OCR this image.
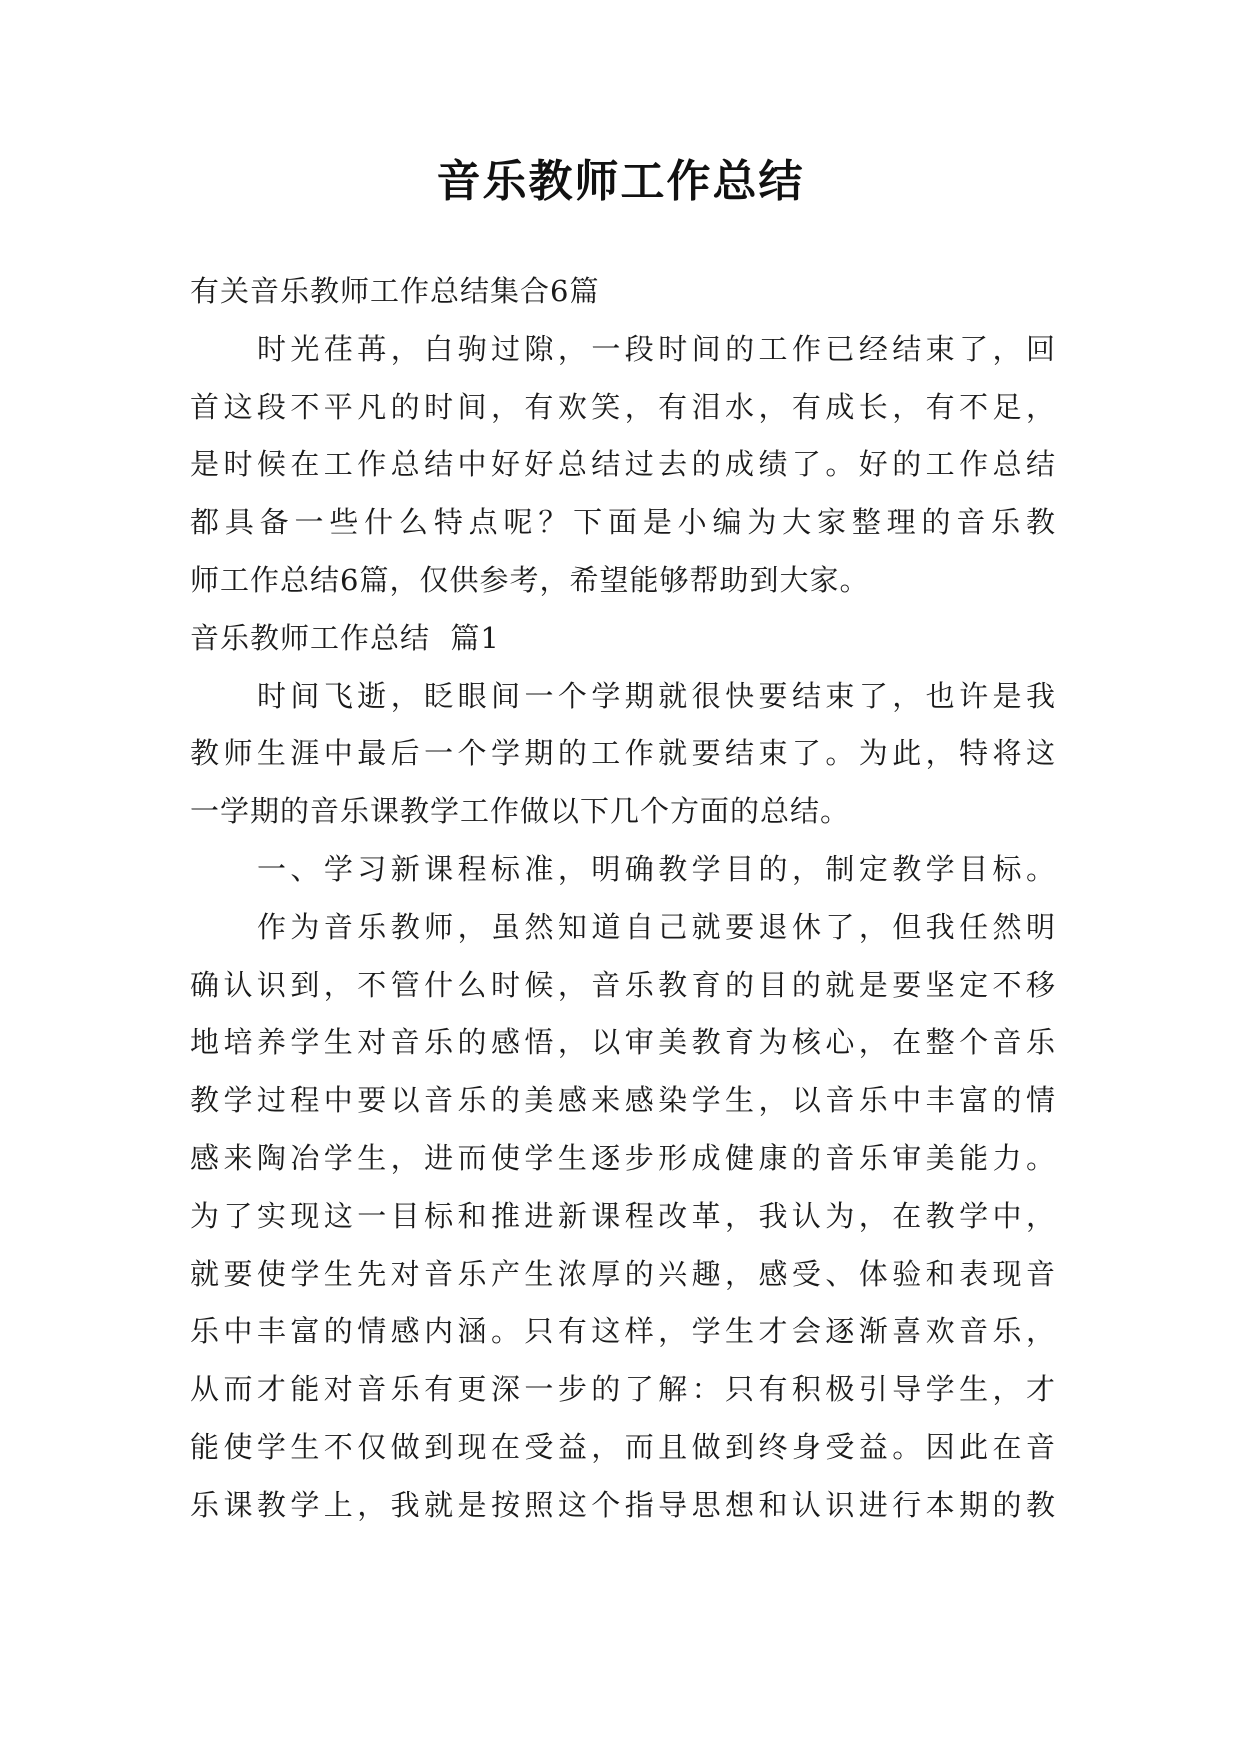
音乐教师工作总结
有关音乐教师工作总结集合6篇
时光荏苒，白驹过隙，一段时间的工作已经结束了，回
首这段不平凡的时间，有欢笑，有泪水，有成长，有不足，
是时候在工作总结中好好总结过去的成绩了。好的工作总结
都具备一些什么特点呢？下面是小编为大家整理的音乐教
师工作总结6篇，仅供参考，希望能够帮助到大家。
音乐教师工作总结  篇1
时间飞逝，眨眼间一个学期就很快要结束了，也许是我
教师生涯中最后一个学期的工作就要结束了。为此，特将这
一学期的音乐课教学工作做以下几个方面的总结。
一、学习新课程标准，明确教学目的，制定教学目标。
作为音乐教师，虽然知道自己就要退休了，但我任然明
确认识到，不管什么时候，音乐教育的目的就是要坚定不移
地培养学生对音乐的感悟，以审美教育为核心，在整个音乐
教学过程中要以音乐的美感来感染学生，以音乐中丰富的情
感来陶冶学生，进而使学生逐步形成健康的音乐审美能力。
为了实现这一目标和推进新课程改革，我认为，在教学中，
就要使学生先对音乐产生浓厚的兴趣，感受、体验和表现音
乐中丰富的情感内涵。只有这样，学生才会逐渐喜欢音乐，
从而才能对音乐有更深一步的了解：只有积极引导学生，才
能使学生不仅做到现在受益，而且做到终身受益。因此在音
乐课教学上，我就是按照这个指导思想和认识进行本期的教
